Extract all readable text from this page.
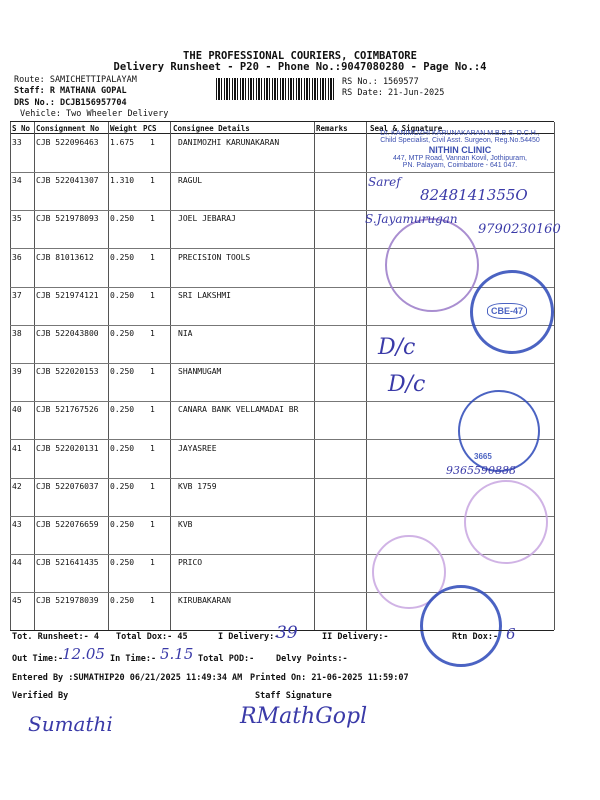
THE PROFESSIONAL COURIERS, COIMBATORE
Delivery Runsheet - P20 - Phone No.:9047080280 - Page No.:4
Route: SAMICHETTIPALAYAM
Staff: R MATHANA GOPAL
DRS No.: DCJB156957704
Vehicle: Two Wheeler Delivery
RS No.: 1569577
RS Date: 21-Jun-2025
S No Consignment No Weight PCS Consignee Details	Remarks	Seal & Signature
33 CJB 522096463 1.675 1	DANIMOZHI KARUNAKARAN
34 CJB 522041307 1.310 1	RAGUL
35 CJB 521978093 0.250 1	JOEL JEBARAJ
36 CJB 81013612 0.250 1	PRECISION TOOLS
37 CJB 521974121 0.250 1	SRI LAKSHMI
38 CJB 522043800 0.250 1	NIA
39 CJB 522020153 0.250 1	SHANMUGAM
40 CJB 521767526 0.250 1	CANARA BANK VELLAMADAI BR
41 CJB 522020131 0.250 1	JAYASREE
42 CJB 522076037 0.250 1	KVB 1759
43 CJB 522076659 0.250 1	KVB
44 CJB 521641435 0.250 1	PRICO
45 CJB 521978039 0.250 1	KIRUBAKARAN
Dr. KANIMOZHI KARUNAKARAN M.B.B.S. D.C.H.,
Child Specialist, Civil Asst. Surgeon, Reg.No.54450
NITHIN CLINIC
447, MTP Road, Vannan Kovil, Jothipuram,
PN. Palayam, Coimbatore - 641 047.
CBE-47
3665
Saref
8248141355O
S.Jayamurugan
9790230160
D/c
D/c
9365590888
Tot. Runsheet:- 4 Total Dox:- 45	I Delivery:-
39	II Delivery:-	Rtn Dox:- 6
Out Time:-
12.05 In Time:- 5.15 Total POD:-	Delvy Points:-
Entered By :SUMATHIP20 06/21/2025 11:49:34 AM Printed On: 21-06-2025 11:59:07
Verified By	Staff Signature
Sumathi	RMathGopl
